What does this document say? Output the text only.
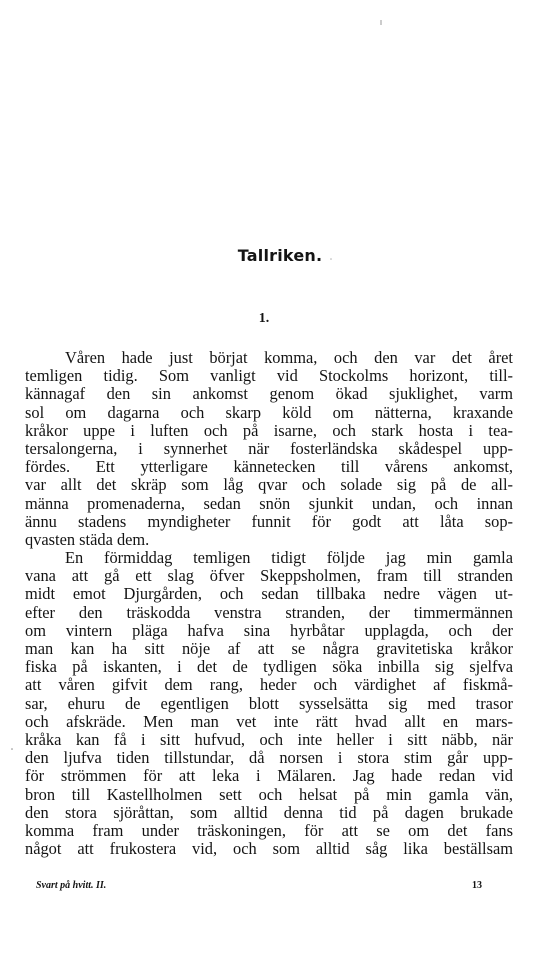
Tallriken.
1.
Våren hade just börjat komma, och den var det året
temligen tidig. Som vanligt vid Stockolms horizont, till-
kännagaf den sin ankomst genom ökad sjuklighet, varm
sol om dagarna och skarp köld om nätterna, kraxande
kråkor uppe i luften och på isarne, och stark hosta i tea-
tersalongerna, i synnerhet när fosterländska skådespel upp-
fördes. Ett ytterligare kännetecken till vårens ankomst,
var allt det skräp som låg qvar och solade sig på de all-
männa promenaderna, sedan snön sjunkit undan, och innan
ännu stadens myndigheter funnit för godt att låta sop-
qvasten städa dem.
En förmiddag temligen tidigt följde jag min gamla
vana att gå ett slag öfver Skeppsholmen, fram till stranden
midt emot Djurgården, och sedan tillbaka nedre vägen ut-
efter den träskodda venstra stranden, der timmermännen
om vintern pläga hafva sina hyrbåtar upplagda, och der
man kan ha sitt nöje af att se några gravitetiska kråkor
fiska på iskanten, i det de tydligen söka inbilla sig sjelfva
att våren gifvit dem rang, heder och värdighet af fiskmå-
sar, ehuru de egentligen blott sysselsätta sig med trasor
och afskräde. Men man vet inte rätt hvad allt en mars-
kråka kan få i sitt hufvud, och inte heller i sitt näbb, när
den ljufva tiden tillstundar, då norsen i stora stim går upp-
för strömmen för att leka i Mälaren. Jag hade redan vid
bron till Kastellholmen sett och helsat på min gamla vän,
den stora sjöråttan, som alltid denna tid på dagen brukade
komma fram under träskoningen, för att se om det fans
något att frukostera vid, och som alltid såg lika beställsam
Svart på hvitt. II.	13
